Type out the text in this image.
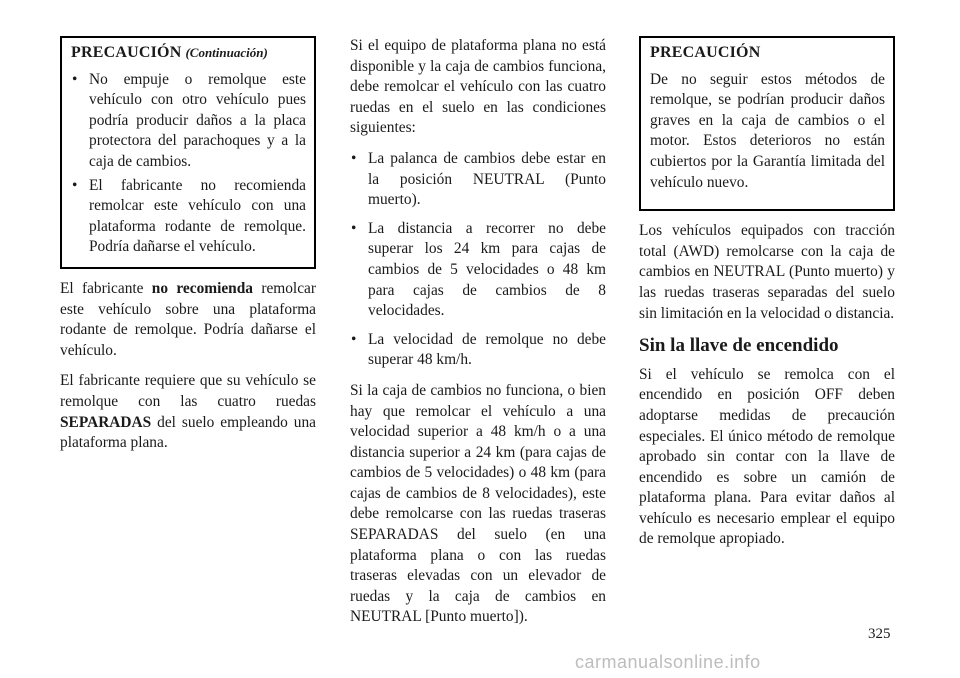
PRECAUCIÓN (Continuación)
• No empuje o remolque este vehículo con otro vehículo pues podría producir daños a la placa protectora del parachoques y a la caja de cambios.
• El fabricante no recomienda remolcar este vehículo con una plataforma rodante de remolque. Podría dañarse el vehículo.

El fabricante no recomienda remolcar este vehículo sobre una plataforma rodante de remolque. Podría dañarse el vehículo.

El fabricante requiere que su vehículo se remolque con las cuatro ruedas SEPARADAS del suelo empleando una plataforma plana.

Si el equipo de plataforma plana no está disponible y la caja de cambios funciona, debe remolcar el vehículo con las cuatro ruedas en el suelo en las condiciones siguientes:

• La palanca de cambios debe estar en la posición NEUTRAL (Punto muerto).
• La distancia a recorrer no debe superar los 24 km para cajas de cambios de 5 velocidades o 48 km para cajas de cambios de 8 velocidades.
• La velocidad de remolque no debe superar 48 km/h.

Si la caja de cambios no funciona, o bien hay que remolcar el vehículo a una velocidad superior a 48 km/h o a una distancia superior a 24 km (para cajas de cambios de 5 velocidades) o 48 km (para cajas de cambios de 8 velocidades), este debe remolcarse con las ruedas traseras SEPARADAS del suelo (en una plataforma plana o con las ruedas traseras elevadas con un elevador de ruedas y la caja de cambios en NEUTRAL [Punto muerto]).

PRECAUCIÓN

De no seguir estos métodos de remolque, se podrían producir daños graves en la caja de cambios o el motor. Estos deterioros no están cubiertos por la Garantía limitada del vehículo nuevo.

Los vehículos equipados con tracción total (AWD) remolcarse con la caja de cambios en NEUTRAL (Punto muerto) y las ruedas traseras separadas del suelo sin limitación en la velocidad o distancia.

Sin la llave de encendido

Si el vehículo se remolca con el encendido en posición OFF deben adoptarse medidas de precaución especiales. El único método de remolque aprobado sin contar con la llave de encendido es sobre un camión de plataforma plana. Para evitar daños al vehículo es necesario emplear el equipo de remolque apropiado.

325
carmanualsonline.info
